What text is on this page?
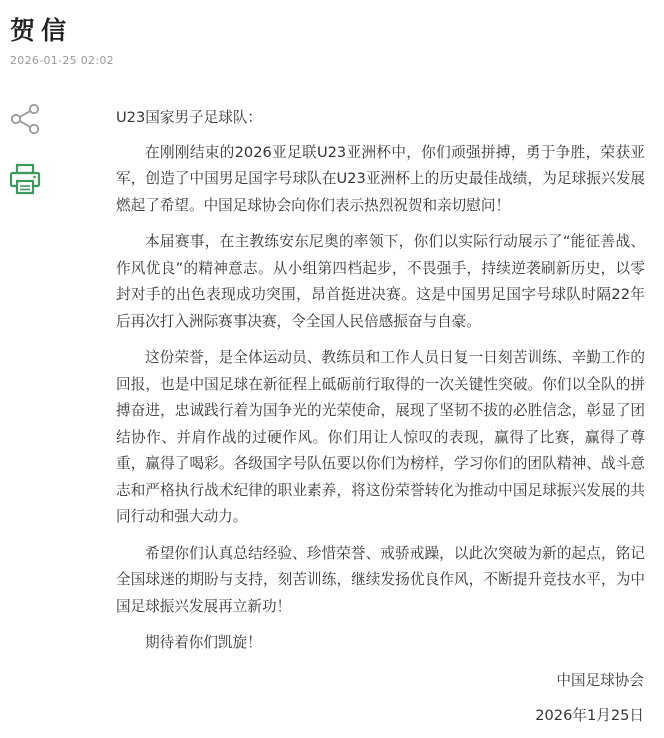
贺信
2026-01-25 02:02

U23国家男子足球队：

在刚刚结束的2026亚足联U23亚洲杯中，你们顽强拼搏，勇于争胜，荣获亚军，创造了中国男足国字号球队在U23亚洲杯上的历史最佳战绩，为足球振兴发展燃起了希望。中国足球协会向你们表示热烈祝贺和亲切慰问！

本届赛事，在主教练安东尼奥的率领下，你们以实际行动展示了“能征善战、作风优良”的精神意志。从小组第四档起步，不畏强手，持续逆袭刷新历史，以零封对手的出色表现成功突围，昂首挺进决赛。这是中国男足国字号球队时隔22年后再次打入洲际赛事决赛，令全国人民倍感振奋与自豪。

这份荣誉，是全体运动员、教练员和工作人员日复一日刻苦训练、辛勤工作的回报，也是中国足球在新征程上砥砺前行取得的一次关键性突破。你们以全队的拼搏奋进，忠诚践行着为国争光的光荣使命，展现了坚韧不拔的必胜信念，彰显了团结协作、并肩作战的过硬作风。你们用让人惊叹的表现，赢得了比赛，赢得了尊重，赢得了喝彩。各级国字号队伍要以你们为榜样，学习你们的团队精神、战斗意志和严格执行战术纪律的职业素养，将这份荣誉转化为推动中国足球振兴发展的共同行动和强大动力。

希望你们认真总结经验、珍惜荣誉、戒骄戒躁，以此次突破为新的起点，铭记全国球迷的期盼与支持，刻苦训练，继续发扬优良作风，不断提升竞技水平，为中国足球振兴发展再立新功！

期待着你们凯旋！

中国足球协会
2026年1月25日
